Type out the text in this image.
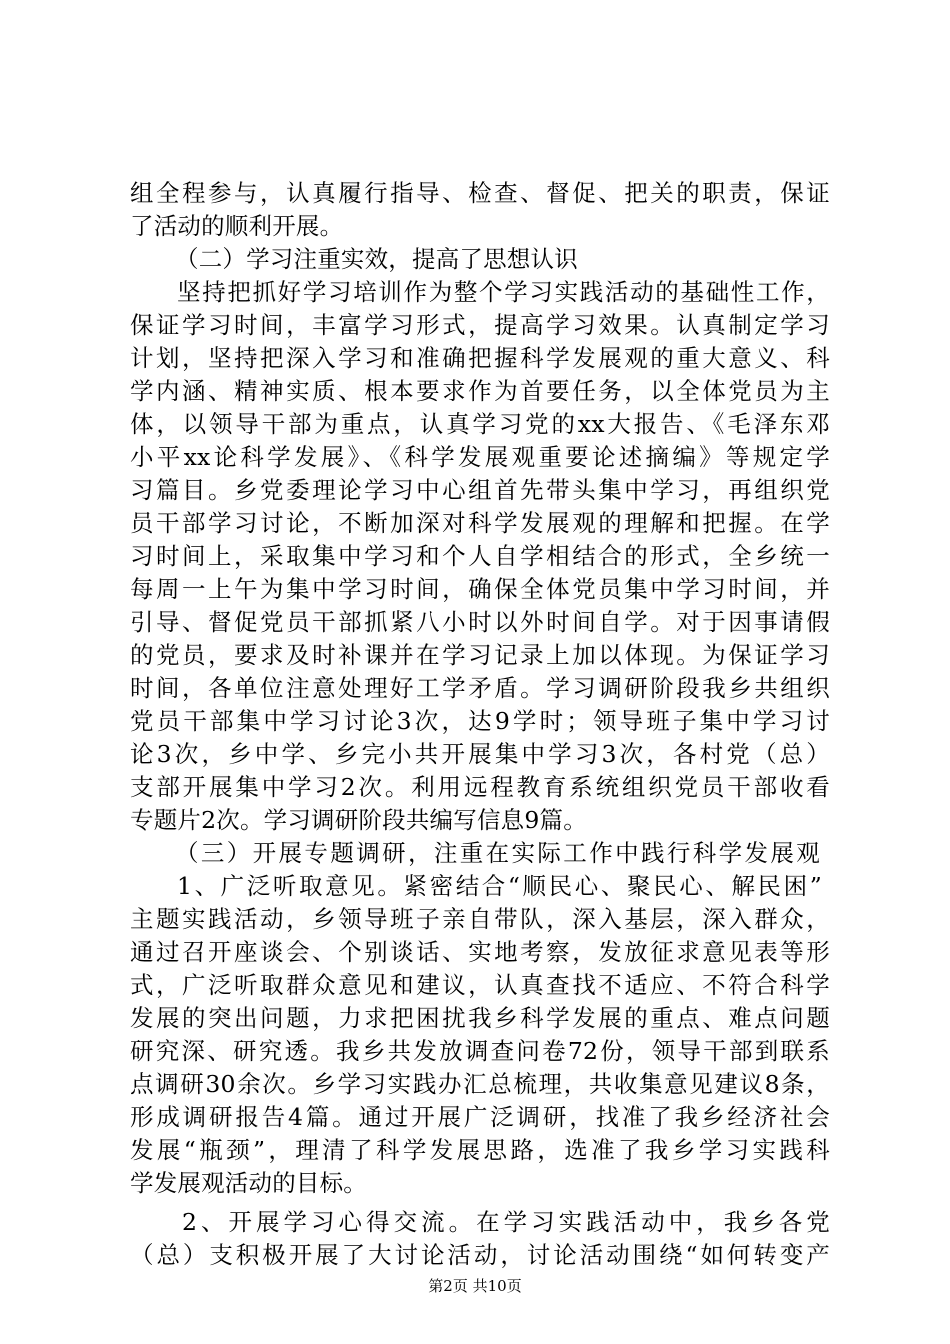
组全程参与，认真履行指导、检查、督促、把关的职责，保证
了活动的顺利开展。
（二）学习注重实效，提高了思想认识
坚持把抓好学习培训作为整个学习实践活动的基础性工作，
保证学习时间，丰富学习形式，提高学习效果。认真制定学习
计划，坚持把深入学习和准确把握科学发展观的重大意义、科
学内涵、精神实质、根本要求作为首要任务，以全体党员为主
体，以领导干部为重点，认真学习党的xx大报告、《毛泽东邓
小平xx论科学发展》、《科学发展观重要论述摘编》等规定学
习篇目。乡党委理论学习中心组首先带头集中学习，再组织党
员干部学习讨论，不断加深对科学发展观的理解和把握。在学
习时间上，采取集中学习和个人自学相结合的形式，全乡统一
每周一上午为集中学习时间，确保全体党员集中学习时间，并
引导、督促党员干部抓紧八小时以外时间自学。对于因事请假
的党员，要求及时补课并在学习记录上加以体现。为保证学习
时间，各单位注意处理好工学矛盾。学习调研阶段我乡共组织
党员干部集中学习讨论3次，达9学时；领导班子集中学习讨
论3次，乡中学、乡完小共开展集中学习3次，各村党（总）
支部开展集中学习2次。利用远程教育系统组织党员干部收看
专题片2次。学习调研阶段共编写信息9篇。
（三）开展专题调研，注重在实际工作中践行科学发展观
1、广泛听取意见。紧密结合“顺民心、聚民心、解民困”
主题实践活动，乡领导班子亲自带队，深入基层，深入群众，
通过召开座谈会、个别谈话、实地考察，发放征求意见表等形
式，广泛听取群众意见和建议，认真查找不适应、不符合科学
发展的突出问题，力求把困扰我乡科学发展的重点、难点问题
研究深、研究透。我乡共发放调查问卷72份，领导干部到联系
点调研30余次。乡学习实践办汇总梳理，共收集意见建议8条，
形成调研报告4篇。通过开展广泛调研，找准了我乡经济社会
发展“瓶颈”，理清了科学发展思路，选准了我乡学习实践科
学发展观活动的目标。
2、开展学习心得交流。在学习实践活动中，我乡各党
（总）支积极开展了大讨论活动，讨论活动围绕“如何转变产
第2页 共10页
